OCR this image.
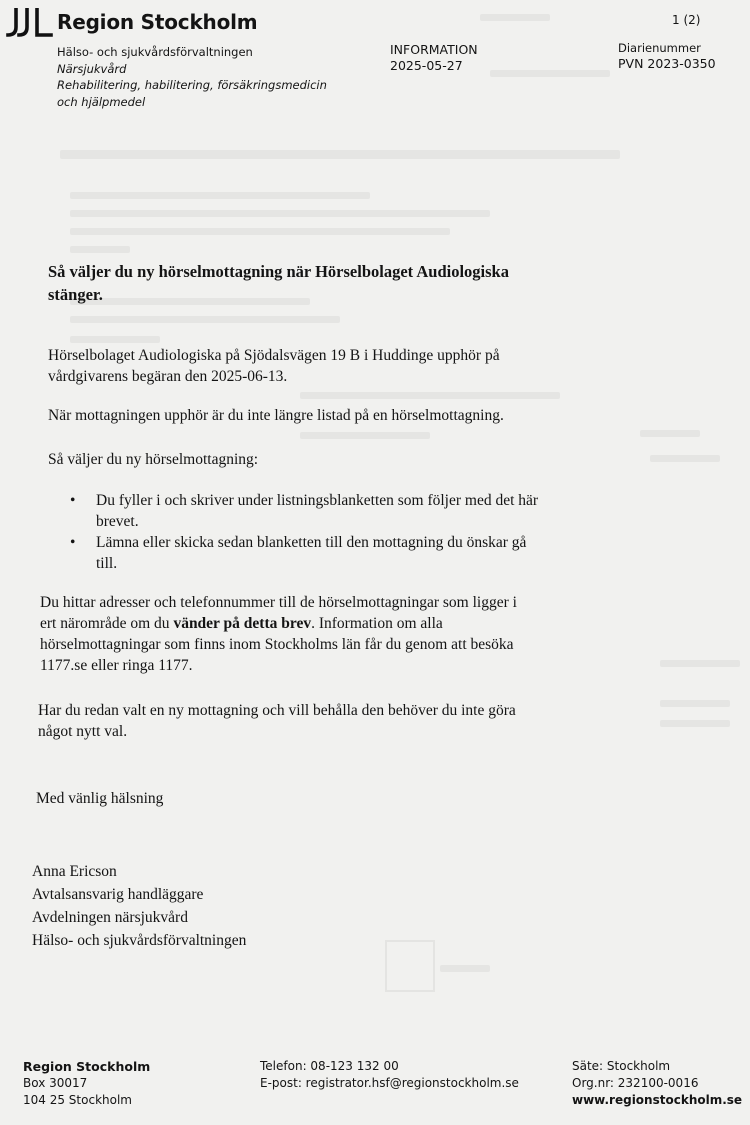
Region Stockholm	1 (2)
Hälso- och sjukvårdsförvaltningen
Närsjukvård
Rehabilitering, habilitering, försäkringsmedicin
och hjälpmedel
INFORMATION
2025-05-27
Diarienummer
PVN 2023-0350
Så väljer du ny hörselmottagning när Hörselbolaget Audiologiska
stänger.
Hörselbolaget Audiologiska på Sjödalsvägen 19 B i Huddinge upphör på
vårdgivarens begäran den 2025-06-13.
När mottagningen upphör är du inte längre listad på en hörselmottagning.
Så väljer du ny hörselmottagning:
• Du fyller i och skriver under listningsblanketten som följer med det här
brevet.
• Lämna eller skicka sedan blanketten till den mottagning du önskar gå
till.
Du hittar adresser och telefonnummer till de hörselmottagningar som ligger i
ert närområde om du vänder på detta brev. Information om alla
hörselmottagningar som finns inom Stockholms län får du genom att besöka
1177.se eller ringa 1177.
Har du redan valt en ny mottagning och vill behålla den behöver du inte göra
något nytt val.
Med vänlig hälsning
Anna Ericson
Avtalsansvarig handläggare
Avdelningen närsjukvård
Hälso- och sjukvårdsförvaltningen
Region Stockholm
Box 30017
104 25 Stockholm
Telefon: 08-123 132 00
E-post: registrator.hsf@regionstockholm.se
Säte: Stockholm
Org.nr: 232100-0016
www.regionstockholm.se
